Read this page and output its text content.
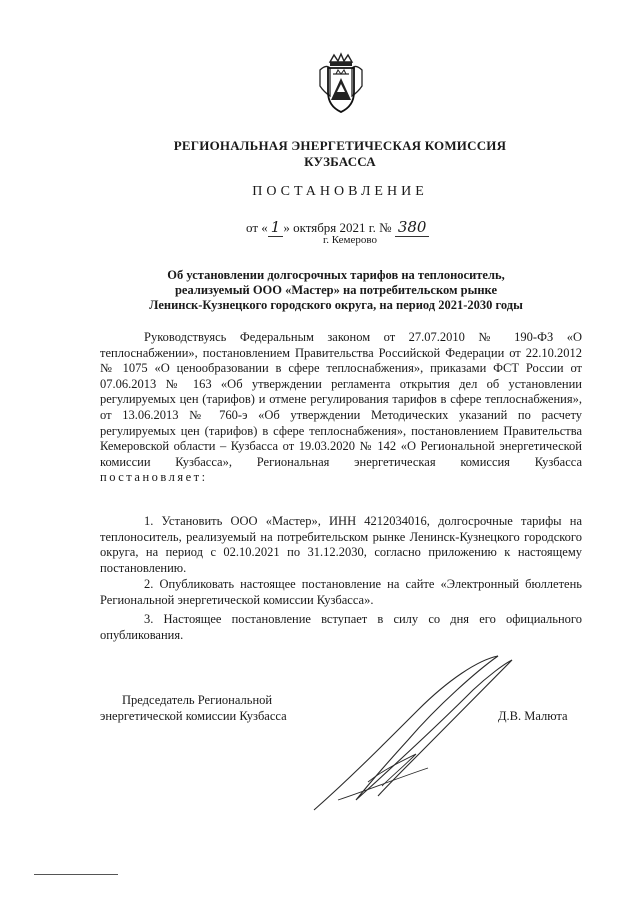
РЕГИОНАЛЬНАЯ ЭНЕРГЕТИЧЕСКАЯ КОМИССИЯ
КУЗБАССА
ПОСТАНОВЛЕНИЕ
от « 1 » октября 2021 г. № 380
г. Кемерово
Об установлении долгосрочных тарифов на теплоноситель,
реализуемый ООО «Мастер» на потребительском рынке
Ленинск-Кузнецкого городского округа, на период 2021-2030 годы
Руководствуясь Федеральным законом от 27.07.2010 № 190-ФЗ «О теплоснабжении», постановлением Правительства Российской Федерации от 22.10.2012 № 1075 «О ценообразовании в сфере теплоснабжения», приказами ФСТ России от 07.06.2013 № 163 «Об утверждении регламента открытия дел об установлении регулируемых цен (тарифов) и отмене регулирования тарифов в сфере теплоснабжения», от 13.06.2013 № 760-э «Об утверждении Методических указаний по расчету регулируемых цен (тарифов) в сфере теплоснабжения», постановлением Правительства Кемеровской области – Кузбасса от 19.03.2020 № 142 «О Региональной энергетической комиссии Кузбасса», Региональная энергетическая комиссия Кузбасса постановляет:
1. Установить ООО «Мастер», ИНН 4212034016, долгосрочные тарифы на теплоноситель, реализуемый на потребительском рынке Ленинск-Кузнецкого городского округа, на период с 02.10.2021 по 31.12.2030, согласно приложению к настоящему постановлению.
2. Опубликовать настоящее постановление на сайте «Электронный бюллетень Региональной энергетической комиссии Кузбасса».
3. Настоящее постановление вступает в силу со дня его официального опубликования.
Председатель Региональной
энергетической комиссии Кузбасса	Д.В. Малюта
